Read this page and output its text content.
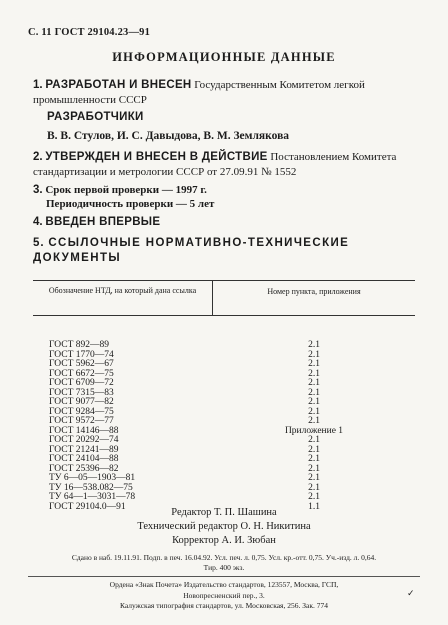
С. 11 ГОСТ 29104.23—91
ИНФОРМАЦИОННЫЕ ДАННЫЕ
1. РАЗРАБОТАН И ВНЕСЕН Государственным Комитетом легкой промышленности СССР
РАЗРАБОТЧИКИ
В. В. Стулов, И. С. Давыдова, В. М. Землякова
2. УТВЕРЖДЕН И ВНЕСЕН В ДЕЙСТВИЕ Постановлением Комитета стандартизации и метрологии СССР от 27.09.91 № 1552
3. Срок первой проверки — 1997 г.
Периодичность проверки — 5 лет
4. ВВЕДЕН ВПЕРВЫЕ
5. ССЫЛОЧНЫЕ НОРМАТИВНО-ТЕХНИЧЕСКИЕ ДОКУМЕНТЫ
Обозначение НТД, на который дана ссылка	Номер пункта, приложения
ГОСТ 892—89	2.1
ГОСТ 1770—74	2.1
ГОСТ 5962—67	2.1
ГОСТ 6672—75	2.1
ГОСТ 6709—72	2.1
ГОСТ 7315—83	2.1
ГОСТ 9077—82	2.1
ГОСТ 9284—75	2.1
ГОСТ 9572—77	2.1
ГОСТ 14146—88	Приложение 1
ГОСТ 20292—74	2.1
ГОСТ 21241—89	2.1
ГОСТ 24104—88	2.1
ГОСТ 25396—82	2.1
ТУ 6—05—1903—81	2.1
ТУ 16—538.082—75	2.1
ТУ 64—1—3031—78	2.1
ГОСТ 29104.0—91	1.1
Редактор Т. П. Шашина
Технический редактор О. Н. Никитина
Корректор А. И. Зюбан
Сдано в наб. 19.11.91. Подп. в печ. 16.04.92. Усл. печ. л. 0,75. Усл. кр.-отт. 0,75. Уч.-изд. л. 0,64.
Тир. 400 экз.
Ордена «Знак Почета» Издательство стандартов, 123557, Москва, ГСП,
Новопресненский пер., 3.
Калужская типография стандартов, ул. Московская, 256. Зак. 774
✓
